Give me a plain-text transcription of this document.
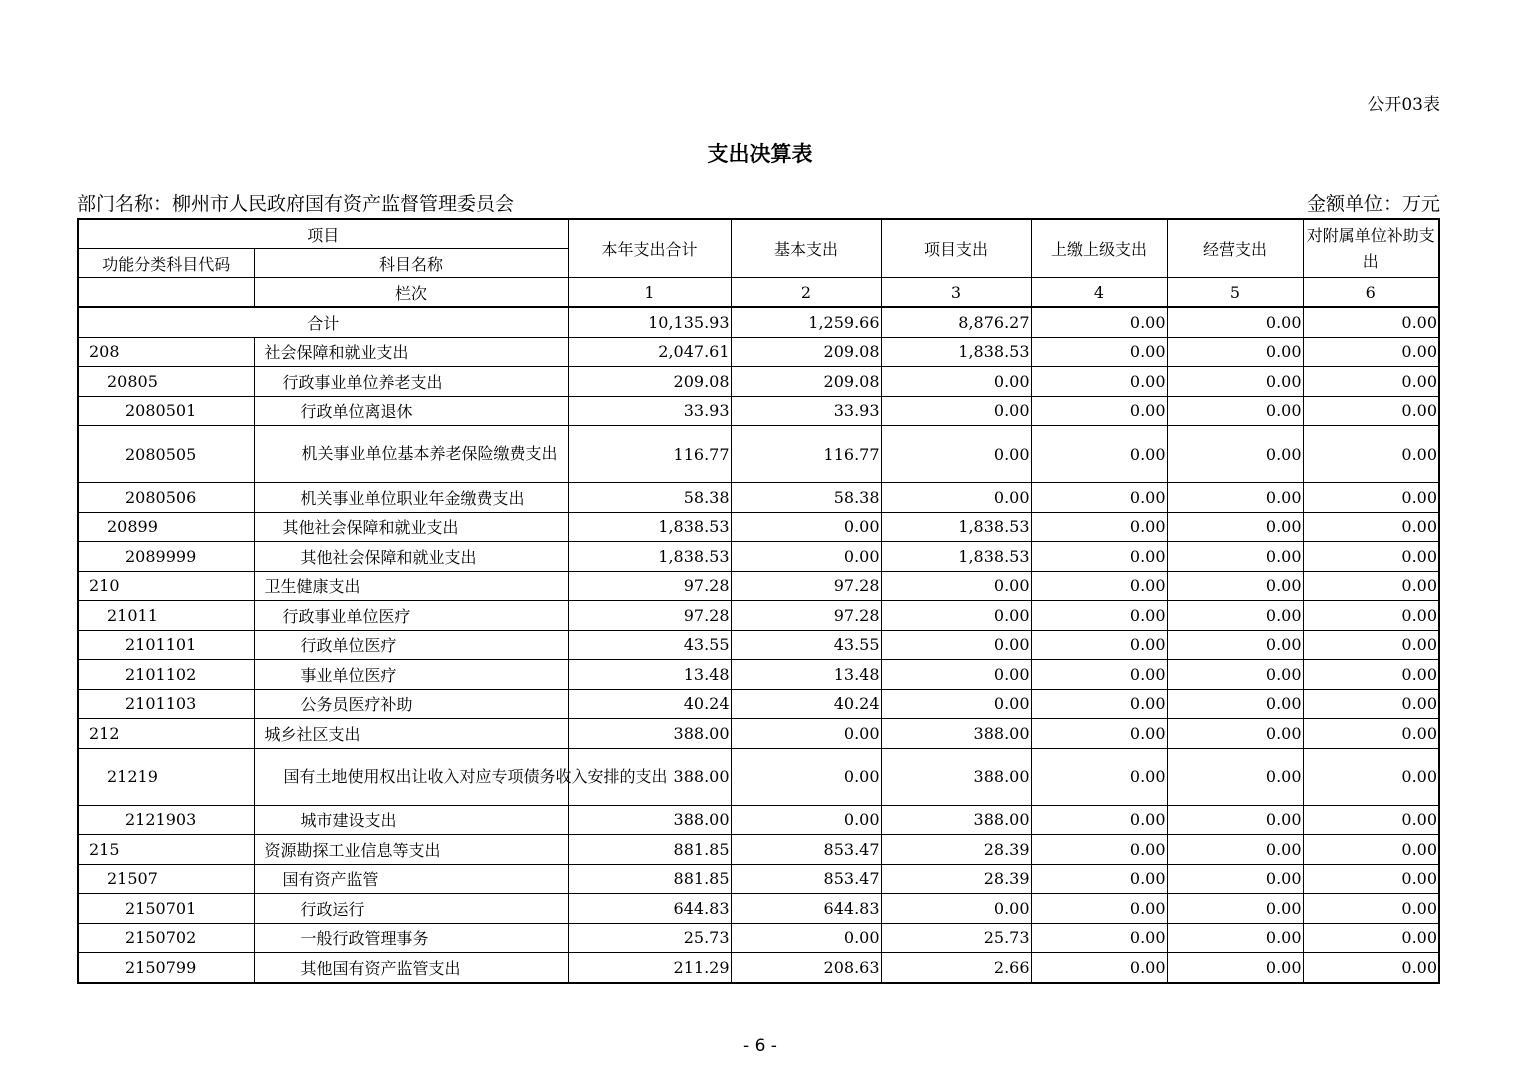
公开03表
支出决算表
部门名称：柳州市人民政府国有资产监督管理委员会	金额单位：万元
项目		本年支出合计	基本支出	项目支出	上缴上级支出	经营支出	对附属单位补助支出
功能分类科目代码	科目名称						
	栏次	1	2	3	4	5	6
合计		10,135.93	1,259.66	8,876.27	0.00	0.00	0.00
208	社会保障和就业支出	2,047.61	209.08	1,838.53	0.00	0.00	0.00
20805	行政事业单位养老支出	209.08	209.08	0.00	0.00	0.00	0.00
2080501	行政单位离退休	33.93	33.93	0.00	0.00	0.00	0.00
2080505	机关事业单位基本养老保险缴费支出	116.77	116.77	0.00	0.00	0.00	0.00
2080506	机关事业单位职业年金缴费支出	58.38	58.38	0.00	0.00	0.00	0.00
20899	其他社会保障和就业支出	1,838.53	0.00	1,838.53	0.00	0.00	0.00
2089999	其他社会保障和就业支出	1,838.53	0.00	1,838.53	0.00	0.00	0.00
210	卫生健康支出	97.28	97.28	0.00	0.00	0.00	0.00
21011	行政事业单位医疗	97.28	97.28	0.00	0.00	0.00	0.00
2101101	行政单位医疗	43.55	43.55	0.00	0.00	0.00	0.00
2101102	事业单位医疗	13.48	13.48	0.00	0.00	0.00	0.00
2101103	公务员医疗补助	40.24	40.24	0.00	0.00	0.00	0.00
212	城乡社区支出	388.00	0.00	388.00	0.00	0.00	0.00
21219	国有土地使用权出让收入对应专项债务收入安排的支出	388.00	0.00	388.00	0.00	0.00	0.00
2121903	城市建设支出	388.00	0.00	388.00	0.00	0.00	0.00
215	资源勘探工业信息等支出	881.85	853.47	28.39	0.00	0.00	0.00
21507	国有资产监管	881.85	853.47	28.39	0.00	0.00	0.00
2150701	行政运行	644.83	644.83	0.00	0.00	0.00	0.00
2150702	一般行政管理事务	25.73	0.00	25.73	0.00	0.00	0.00
2150799	其他国有资产监管支出	211.29	208.63	2.66	0.00	0.00	0.00
- 6 -
